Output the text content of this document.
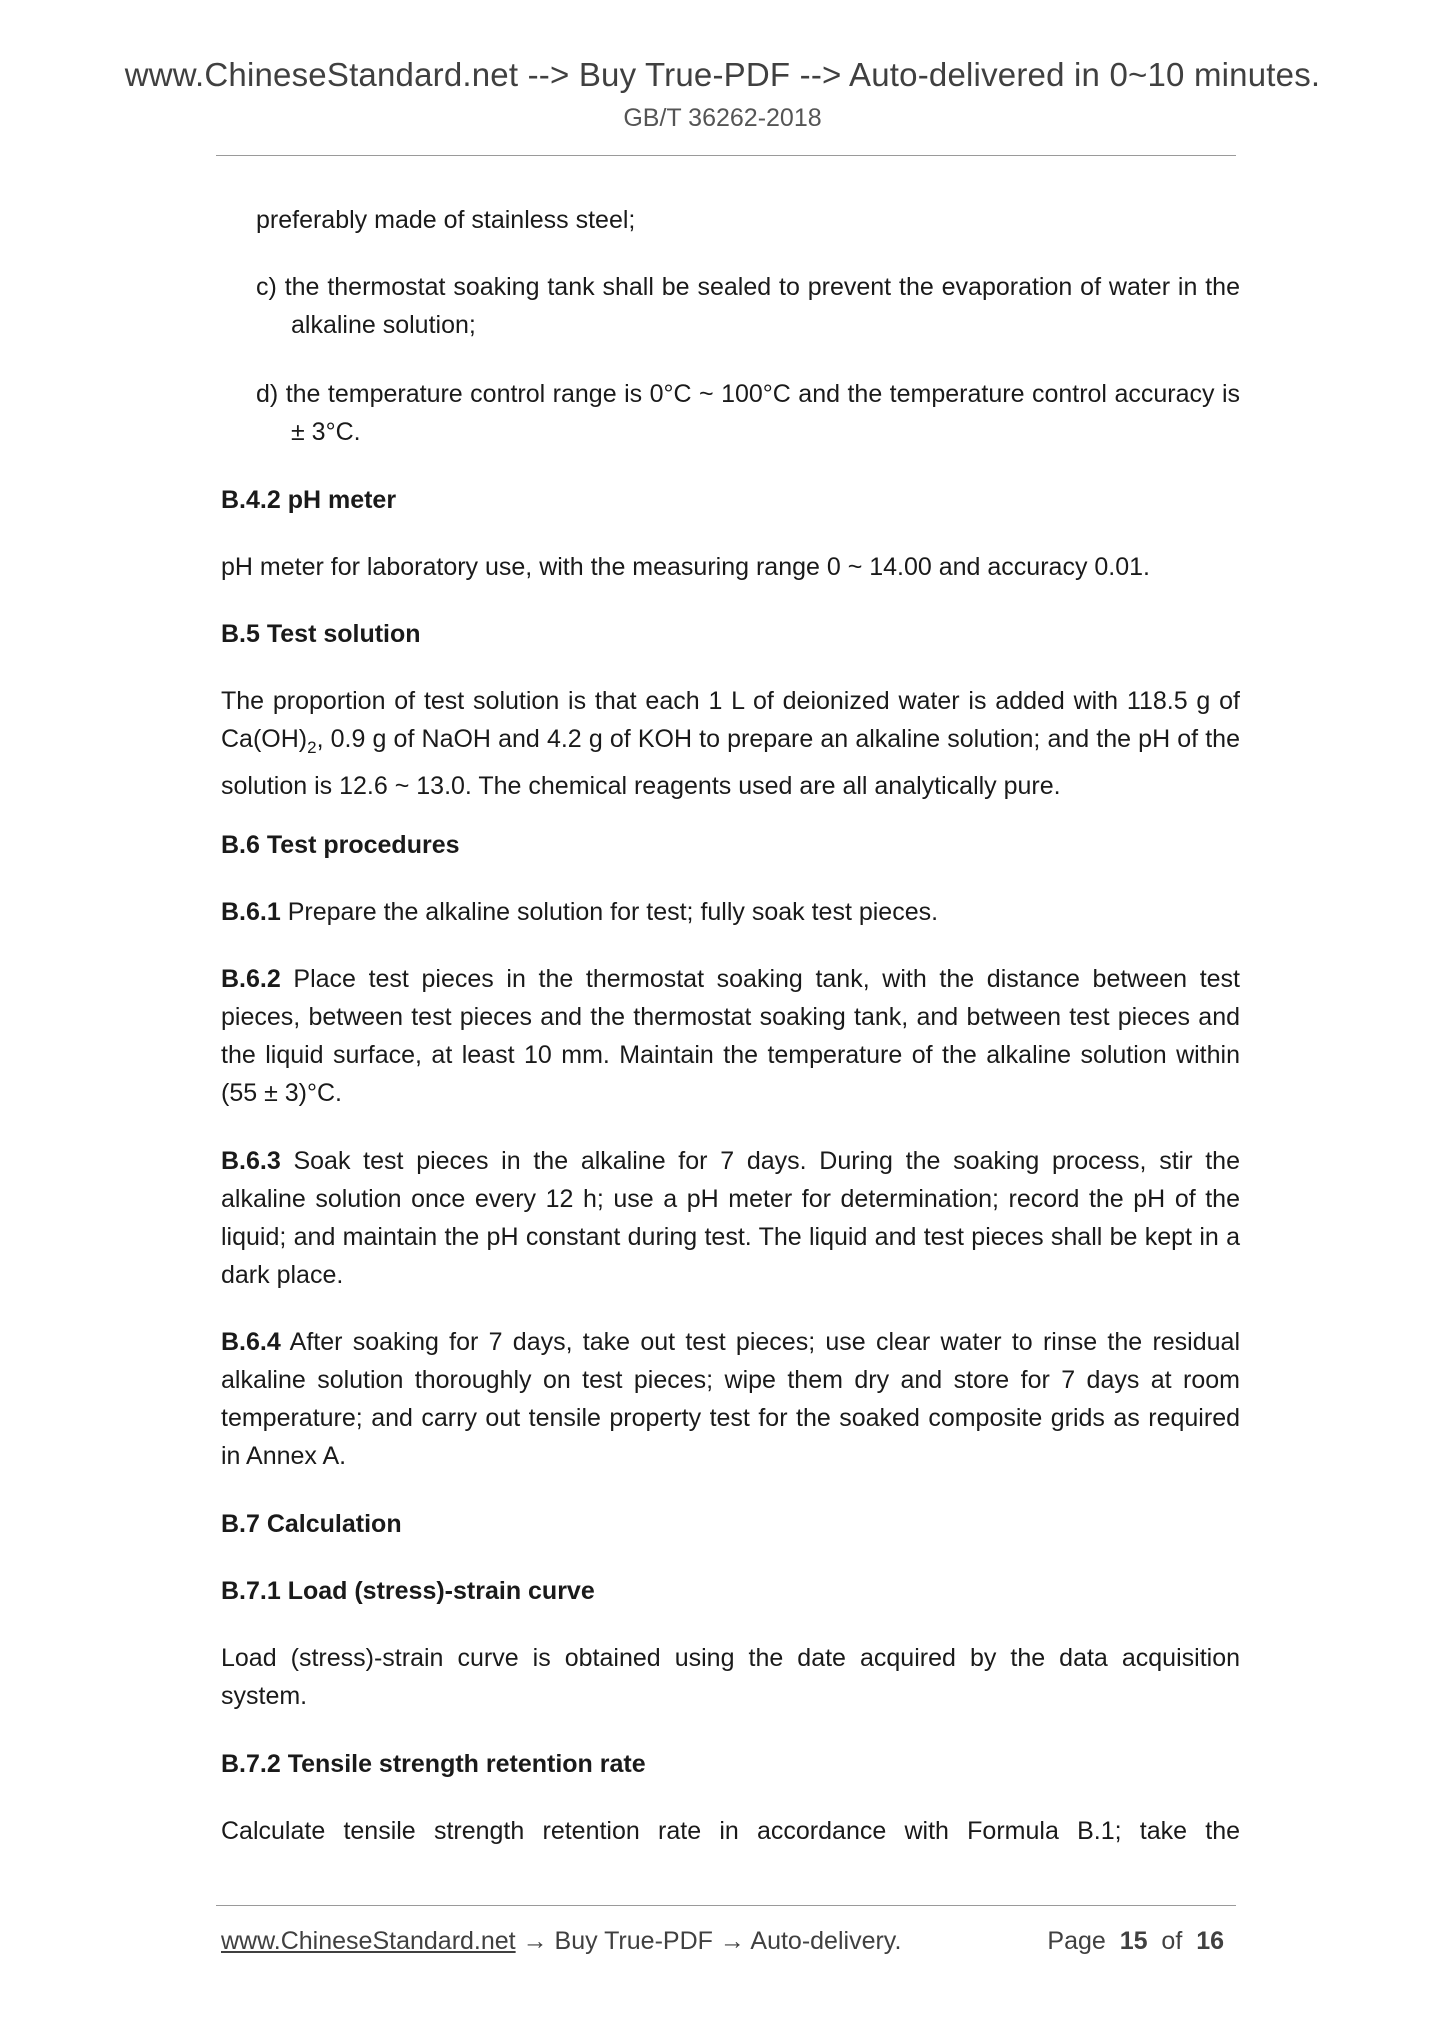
www.ChineseStandard.net --> Buy True-PDF --> Auto-delivered in 0~10 minutes.
GB/T 36262-2018

preferably made of stainless steel;

c) the thermostat soaking tank shall be sealed to prevent the evaporation of water in the alkaline solution;

d) the temperature control range is 0°C ~ 100°C and the temperature control accuracy is ± 3°C.

B.4.2 pH meter

pH meter for laboratory use, with the measuring range 0 ~ 14.00 and accuracy 0.01.

B.5 Test solution

The proportion of test solution is that each 1 L of deionized water is added with 118.5 g of $Ca(OH)_2$, 0.9 g of NaOH and 4.2 g of KOH to prepare an alkaline solution; and the pH of the solution is 12.6 ~ 13.0. The chemical reagents used are all analytically pure.

B.6 Test procedures

B.6.1 Prepare the alkaline solution for test; fully soak test pieces.

B.6.2 Place test pieces in the thermostat soaking tank, with the distance between test pieces, between test pieces and the thermostat soaking tank, and between test pieces and the liquid surface, at least 10 mm. Maintain the temperature of the alkaline solution within (55 ± 3)°C.

B.6.3 Soak test pieces in the alkaline for 7 days. During the soaking process, stir the alkaline solution once every 12 h; use a pH meter for determination; record the pH of the liquid; and maintain the pH constant during test. The liquid and test pieces shall be kept in a dark place.

B.6.4 After soaking for 7 days, take out test pieces; use clear water to rinse the residual alkaline solution thoroughly on test pieces; wipe them dry and store for 7 days at room temperature; and carry out tensile property test for the soaked composite grids as required in Annex A.

B.7 Calculation
B.7.1 Load (stress)-strain curve

Load (stress)-strain curve is obtained using the date acquired by the data acquisition system.

B.7.2 Tensile strength retention rate

Calculate tensile strength retention rate in accordance with Formula B.1; take the

www.ChineseStandard.net → Buy True-PDF → Auto-delivery.	Page 15 of 16
